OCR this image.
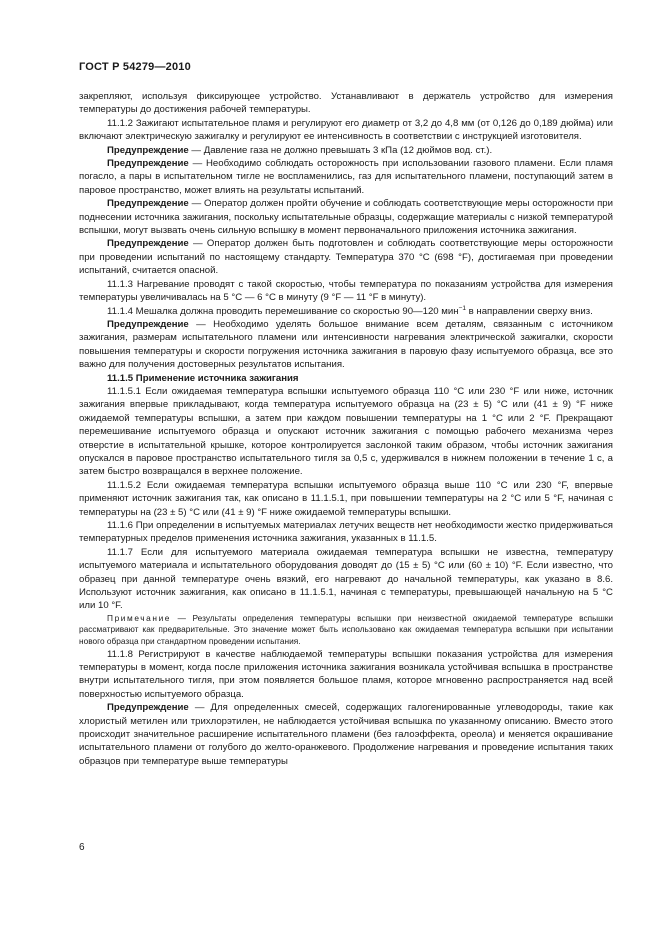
ГОСТ Р 54279—2010

закрепляют, используя фиксирующее устройство. Устанавливают в держатель устройство для измерения температуры до достижения рабочей температуры.

11.1.2 Зажигают испытательное пламя и регулируют его диаметр от 3,2 до 4,8 мм (от 0,126 до 0,189 дюйма) или включают электрическую зажигалку и регулируют ее интенсивность в соответствии с инструкцией изготовителя.

Предупреждение — Давление газа не должно превышать 3 кПа (12 дюймов вод. ст.).

Предупреждение — Необходимо соблюдать осторожность при использовании газового пламени. Если пламя погасло, а пары в испытательном тигле не воспламенились, газ для испытательного пламени, поступающий затем в паровое пространство, может влиять на результаты испытаний.

Предупреждение — Оператор должен пройти обучение и соблюдать соответствующие меры осторожности при поднесении источника зажигания, поскольку испытательные образцы, содержащие материалы с низкой температурой вспышки, могут вызвать очень сильную вспышку в момент первоначального приложения источника зажигания.

Предупреждение — Оператор должен быть подготовлен и соблюдать соответствующие меры осторожности при проведении испытаний по настоящему стандарту. Температура 370 °C (698 °F), достигаемая при проведении испытаний, считается опасной.

11.1.3 Нагревание проводят с такой скоростью, чтобы температура по показаниям устройства для измерения температуры увеличивалась на 5 °C — 6 °C в минуту (9 °F — 11 °F в минуту).

11.1.4 Мешалка должна проводить перемешивание со скоростью 90—120 мин$^{-1}$ в направлении сверху вниз.

Предупреждение — Необходимо уделять большое внимание всем деталям, связанным с источником зажигания, размерам испытательного пламени или интенсивности нагревания электрической зажигалки, скорости повышения температуры и скорости погружения источника зажигания в паровую фазу испытуемого образца, все это важно для получения достоверных результатов испытания.

11.1.5 Применение источника зажигания

11.1.5.1 Если ожидаемая температура вспышки испытуемого образца 110 °C или 230 °F или ниже, источник зажигания впервые прикладывают, когда температура испытуемого образца на (23 ± 5) °C или (41 ± 9) °F ниже ожидаемой температуры вспышки, а затем при каждом повышении температуры на 1 °C или 2 °F. Прекращают перемешивание испытуемого образца и опускают источник зажигания с помощью рабочего механизма через отверстие в испытательной крышке, которое контролируется заслонкой таким образом, чтобы источник зажигания опускался в паровое пространство испытательного тигля за 0,5 с, удерживался в нижнем положении в течение 1 с, а затем быстро возвращался в верхнее положение.

11.1.5.2 Если ожидаемая температура вспышки испытуемого образца выше 110 °C или 230 °F, впервые применяют источник зажигания так, как описано в 11.1.5.1, при повышении температуры на 2 °C или 5 °F, начиная с температуры на (23 ± 5) °C или (41 ± 9) °F ниже ожидаемой температуры вспышки.

11.1.6 При определении в испытуемых материалах летучих веществ нет необходимости жестко придерживаться температурных пределов применения источника зажигания, указанных в 11.1.5.

11.1.7 Если для испытуемого материала ожидаемая температура вспышки не известна, температуру испытуемого материала и испытательного оборудования доводят до (15 ± 5) °C или (60 ± 10) °F. Если известно, что образец при данной температуре очень вязкий, его нагревают до начальной температуры, как указано в 8.6. Используют источник зажигания, как описано в 11.1.5.1, начиная с температуры, превышающей начальную на 5 °C или 10 °F.

Примечание — Результаты определения температуры вспышки при неизвестной ожидаемой температуре вспышки рассматривают как предварительные. Это значение может быть использовано как ожидаемая температура вспышки при испытании нового образца при стандартном проведении испытания.

11.1.8 Регистрируют в качестве наблюдаемой температуры вспышки показания устройства для измерения температуры в момент, когда после приложения источника зажигания возникала устойчивая вспышка в пространстве внутри испытательного тигля, при этом появляется большое пламя, которое мгновенно распространяется над всей поверхностью испытуемого образца.

Предупреждение — Для определенных смесей, содержащих галогенированные углеводороды, такие как хлористый метилен или трихлорэтилен, не наблюдается устойчивая вспышка по указанному описанию. Вместо этого происходит значительное расширение испытательного пламени (без галоэффекта, ореола) и меняется окрашивание испытательного пламени от голубого до желто-оранжевого. Продолжение нагревания и проведение испытания таких образцов при температуре выше температуры

6
